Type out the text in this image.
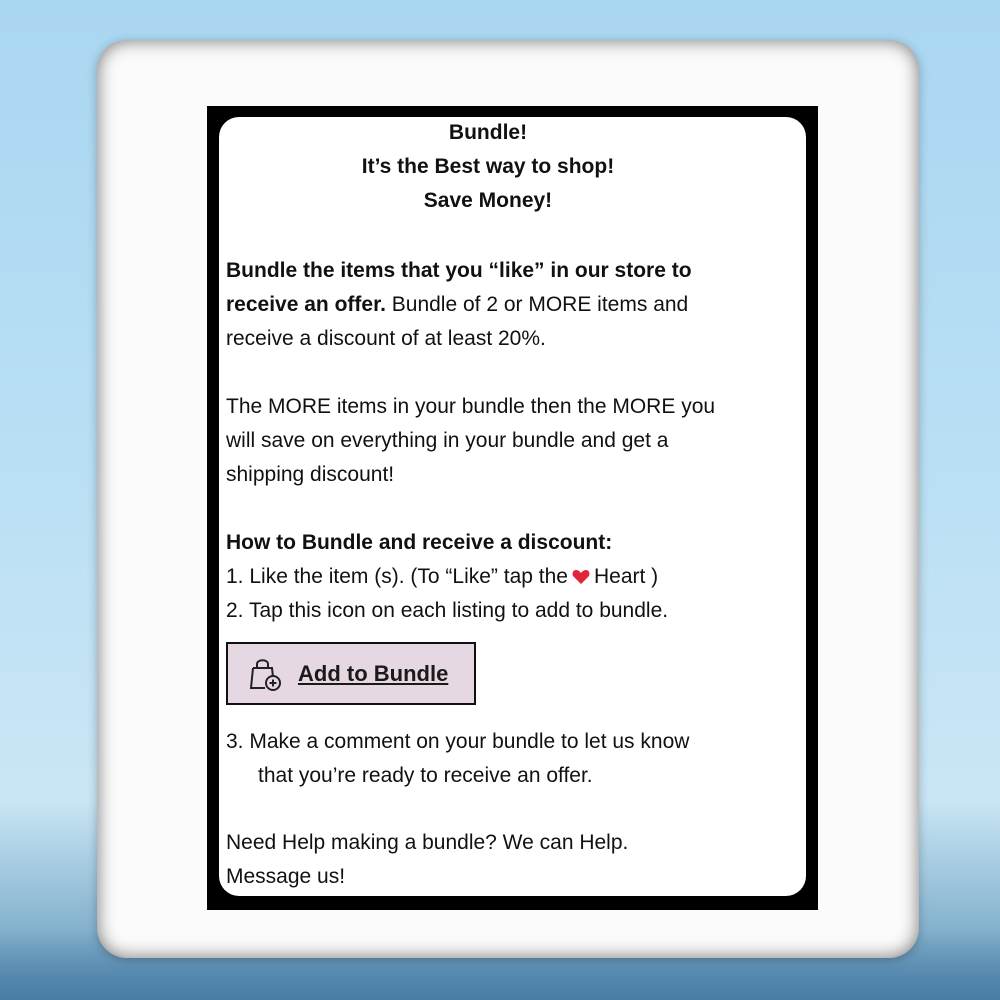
Bundle!
It’s the Best way to shop!
Save Money!
Bundle the items that you “like” in our store to
receive an offer. Bundle of 2 or MORE items and
receive a discount of at least 20%.
The MORE items in your bundle then the MORE you
will save on everything in your bundle and get a
shipping discount!
How to Bundle and receive a discount:
1. Like the item (s). (To “Like” tap the Heart )
2. Tap this icon on each listing to add to bundle.
Add to Bundle
3. Make a comment on your bundle to let us know
that you’re ready to receive an offer.
Need Help making a bundle? We can Help.
Message us!
